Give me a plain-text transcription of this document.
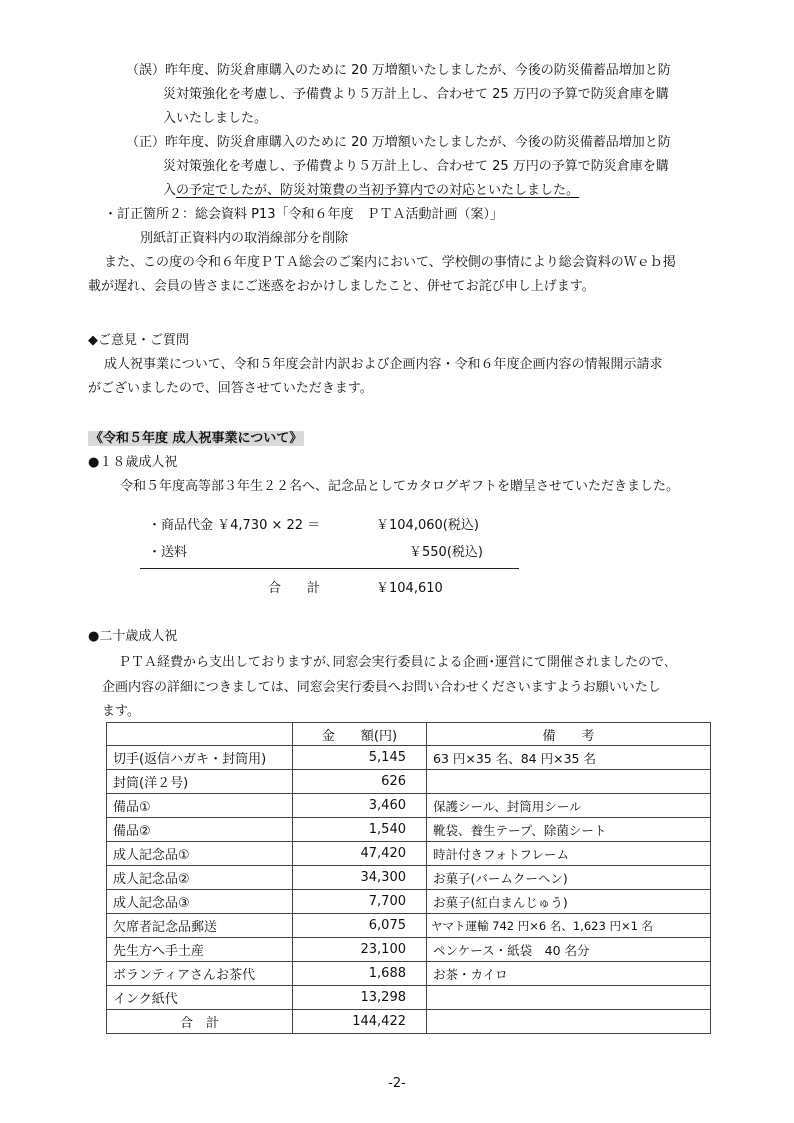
（誤）昨年度、防災倉庫購入のために 20 万増額いたしましたが、今後の防災備蓄品増加と防
災対策強化を考慮し、予備費より５万計上し、合わせて 25 万円の予算で防災倉庫を購
入いたしました。
（正）昨年度、防災倉庫購入のために 20 万増額いたしましたが、今後の防災備蓄品増加と防
災対策強化を考慮し、予備費より５万計上し、合わせて 25 万円の予算で防災倉庫を購
入の予定でしたが、防災対策費の当初予算内での対応といたしました。
・訂正箇所２：総会資料 P13「令和６年度　ＰＴＡ活動計画（案）」
別紙訂正資料内の取消線部分を削除
また、この度の令和６年度ＰＴＡ総会のご案内において、学校側の事情により総会資料のＷｅｂ掲
載が遅れ、会員の皆さまにご迷惑をおかけしましたこと、併せてお詫び申し上げます。
◆ご意見・ご質問
成人祝事業について、令和５年度会計内訳および企画内容・令和６年度企画内容の情報開示請求
がございましたので、回答させていただきます。
《令和５年度 成人祝事業について》
●１８歳成人祝
令和５年度高等部３年生２２名へ、記念品としてカタログギフトを贈呈させていただきました。
・商品代金 ￥4,730 × 22 ＝	￥104,060(税込)
・送料	￥550(税込)
合　　計	￥104,610
●二十歳成人祝
ＰＴＡ経費から支出しておりますが､同窓会実行委員による企画･運営にて開催されましたので､
企画内容の詳細につきましては、同窓会実行委員へお問い合わせくださいますようお願いいたし
ます。
	金　　額(円)	備　　考
切手(返信ハガキ・封筒用)	5,145	63 円×35 名、84 円×35 名
封筒(洋２号)	626	
備品①	3,460	保護シール、封筒用シール
備品②	1,540	靴袋、養生テープ、除菌シート
成人記念品①	47,420	時計付きフォトフレーム
成人記念品②	34,300	お菓子(バームクーヘン)
成人記念品③	7,700	お菓子(紅白まんじゅう)
欠席者記念品郵送	6,075	ヤマト運輸 742 円×6 名、1,623 円×1 名
先生方へ手土産	23,100	ペンケース・紙袋　40 名分
ボランティアさんお茶代	1,688	お茶・カイロ
インク紙代	13,298	
合　計	144,422	
-2-
